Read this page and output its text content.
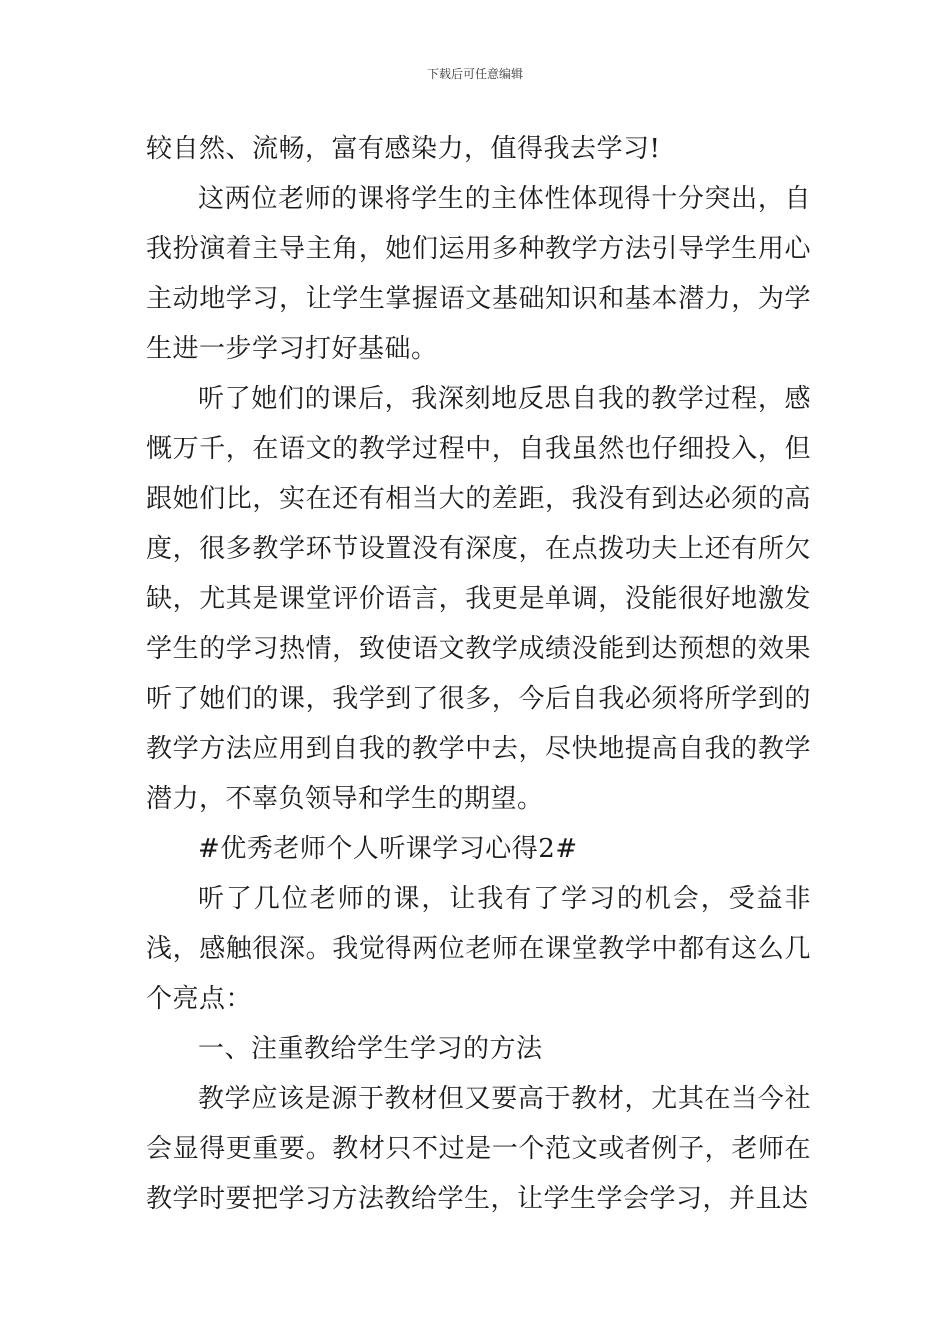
下载后可任意编辑

较自然、流畅，富有感染力，值得我去学习!

这两位老师的课将学生的主体性体现得十分突出，自我扮演着主导主角，她们运用多种教学方法引导学生用心主动地学习，让学生掌握语文基础知识和基本潜力，为学生进一步学习打好基础。

听了她们的课后，我深刻地反思自我的教学过程，感慨万千，在语文的教学过程中，自我虽然也仔细投入，但跟她们比，实在还有相当大的差距，我没有到达必须的高度，很多教学环节设置没有深度，在点拨功夫上还有所欠缺，尤其是课堂评价语言，我更是单调，没能很好地激发学生的学习热情，致使语文教学成绩没能到达预想的效果听了她们的课，我学到了很多，今后自我必须将所学到的教学方法应用到自我的教学中去，尽快地提高自我的教学潜力，不辜负领导和学生的期望。

#优秀老师个人听课学习心得2#

听了几位老师的课，让我有了学习的机会，受益非浅，感触很深。我觉得两位老师在课堂教学中都有这么几个亮点：

一、注重教给学生学习的方法

教学应该是源于教材但又要高于教材，尤其在当今社会显得更重要。教材只不过是一个范文或者例子，老师在教学时要把学习方法教给学生，让学生学会学习，并且达
